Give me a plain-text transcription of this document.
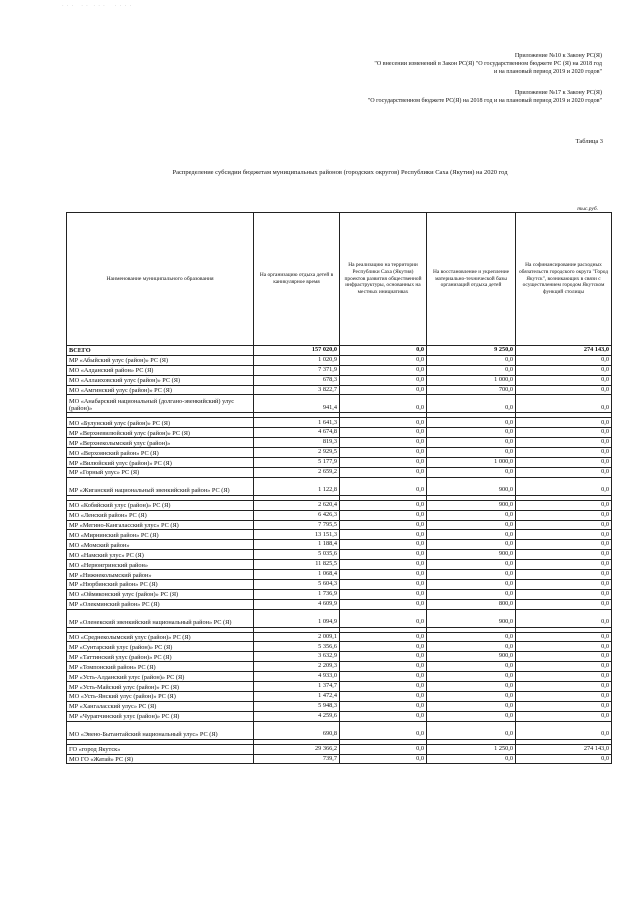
· · ·   · ·  · · ·    · · · ·
Приложение №10 к Закону РС(Я)
"О внесении изменений в Закон РС(Я) "О государственном бюджете РС (Я) на 2018 год
и на плановый период 2019 и 2020 годов"
Приложение №17 к Закону РС(Я)
"О государственном бюджете РС(Я) на 2018 год и на плановый период 2019 и 2020 годов"
Таблица 3
Распределение субсидии бюджетам муниципальных районов (городских округов) Республики Саха (Якутия) на 2020 год
тыс.руб.
Наименование муниципального образования	На организацию отдыха детей в каникулярное время	На реализацию на территории Республики Саха (Якутия) проектов развития общественной инфраструктуры, основанных на местных инициативах	На восстановление и укрепление материально-технической базы организаций отдыха детей	На софинансирование расходных обязательств городского округа "Город Якутск", возникающих в связи с осуществлением городом Якутском функций столицы
ВСЕГО	157 020,0	0,0	9 250,0	274 143,0
МР «Абыйский улус (район)» РС (Я)	1 020,9	0,0	0,0	0,0
МО «Алданский район» РС (Я)	7 371,9	0,0	0,0	0,0
МО «Аллаиховский улус (район)» РС (Я)	678,3	0,0	1 000,0	0,0
МО «Амгинский улус (район)» РС (Я)	3 822,7	0,0	700,0	0,0
МО «Анабарский национальный (долгано-эвенкийский) улус (район)»	941,4	0,0	0,0	0,0

МО «Булунский улус (район)» РС (Я)	1 641,3	0,0	0,0	0,0
МР «Верхневилюйский улус (район)» РС (Я)	4 674,8	0,0	0,0	0,0
МР «Верхнеколымский улус (район)»	819,3	0,0	0,0	0,0
МО «Верхоянский район» РС (Я)	2 929,5	0,0	0,0	0,0
МР «Вилюйский улус (район)» РС (Я)	5 177,9	0,0	1 000,0	0,0
МР «Горный улус» РС (Я)	2 659,2	0,0	0,0	0,0
МР «Жиганский национальный эвенкийский район» РС (Я)	1 122,8	0,0	900,0	0,0

МО «Кобяйский улус (район)» РС (Я)	2 620,4	0,0	900,0	0,0
МО «Ленский район» РС (Я)	6 426,3	0,0	0,0	0,0
МР «Мегино-Кангаласский улус» РС (Я)	7 795,5	0,0	0,0	0,0
МО «Мирнинский район» РС (Я)	13 151,3	0,0	0,0	0,0
МО «Момский район»	1 188,4	0,0	0,0	0,0
МО «Намский улус» РС (Я)	5 035,6	0,0	900,0	0,0
МО «Нерюнгринский район»	11 825,5	0,0	0,0	0,0
МР «Нижнеколымский район»	1 068,4	0,0	0,0	0,0
МР «Нюрбинский район» РС (Я)	5 604,3	0,0	0,0	0,0
МО «Оймяконский улус (район)» РС (Я)	1 736,9	0,0	0,0	0,0
МР «Олекминский район» РС (Я)	4 609,9	0,0	800,0	0,0
МР «Оленекский эвенкийский национальный район» РС (Я)	1 094,9	0,0	900,0	0,0

МО «Среднеколымский улус (район)» РС (Я)	2 009,1	0,0	0,0	0,0
МР «Сунтарский улус (район)» РС (Я)	5 356,6	0,0	0,0	0,0
МР «Таттинский улус (район)» РС (Я)	3 632,9	0,0	900,0	0,0
МР «Томпонский район» РС (Я)	2 209,3	0,0	0,0	0,0
МР «Усть-Алданский улус (район)» РС (Я)	4 933,0	0,0	0,0	0,0
МР «Усть-Майский улус (район)» РС (Я)	1 374,7	0,0	0,0	0,0
МО «Усть-Янский улус (район)» РС (Я)	1 472,4	0,0	0,0	0,0
МР «Хангаласский улус» РС (Я)	5 948,3	0,0	0,0	0,0
МР «Чурапчинский улус (район)» РС (Я)	4 259,6	0,0	0,0	0,0
МО «Эвено-Бытантайский национальный улус» РС (Я)	690,8	0,0	0,0	0,0

ГО «город Якутск»	29 366,2	0,0	1 250,0	274 143,0
МО ГО «Жатай» РС (Я)	739,7	0,0	0,0	0,0
